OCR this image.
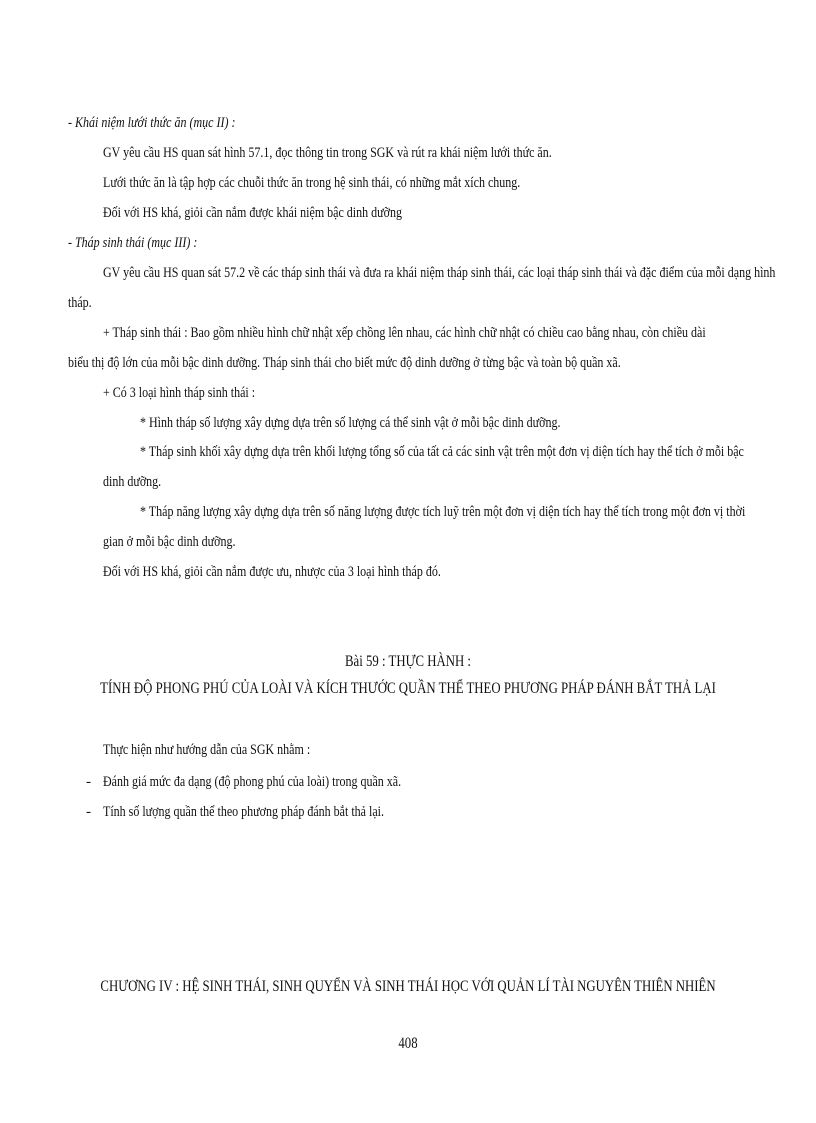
- Khái niệm lưới thức ăn (mục II) :
GV yêu cầu HS quan sát hình 57.1, đọc thông tin trong SGK và rút ra khái niệm lưới thức ăn.
Lưới thức ăn là tập hợp các chuỗi thức ăn trong hệ sinh thái, có những mắt xích chung.
Đối với HS khá, giỏi cần nắm được khái niệm bậc dinh dưỡng
- Tháp sinh thái (mục III) :
GV yêu cầu HS quan sát 57.2 về các tháp sinh thái và đưa ra khái niệm tháp sinh thái, các loại tháp sinh thái và đặc điểm của mỗi dạng hình
tháp.
+ Tháp sinh thái : Bao gồm nhiều hình chữ nhật xếp chồng lên nhau, các hình chữ nhật có chiều cao bằng nhau, còn chiều dài
biểu thị độ lớn của mỗi bậc dinh dưỡng. Tháp sinh thái cho biết mức độ dinh dưỡng ở từng bậc và toàn bộ quần xã.
+ Có 3 loại hình tháp sinh thái :
* Hình tháp số lượng xây dựng dựa trên số lượng cá thể sinh vật ở mỗi bậc dinh dưỡng.
* Tháp sinh khối xây dựng dựa trên khối lượng tổng số của tất cả các sinh vật trên một đơn vị diện tích hay thể tích ở mỗi bậc
dinh dưỡng.
* Tháp năng lượng xây dựng dựa trên số năng lượng được tích luỹ trên một đơn vị diện tích hay thể tích trong một đơn vị thời
gian ở mỗi bậc dinh dưỡng.
Đối với HS khá, giỏi cần nắm được ưu, nhược của 3 loại hình tháp đó.
Bài 59 : THỰC HÀNH :
TÍNH ĐỘ PHONG PHÚ CỦA LOÀI VÀ KÍCH THƯỚC QUẦN THỂ THEO PHƯƠNG PHÁP ĐÁNH BẮT THẢ LẠI
Thực hiện như hướng dẫn của SGK nhằm :
- Đánh giá mức đa dạng (độ phong phú của loài) trong quần xã.
- Tính số lượng quần thể theo phương pháp đánh bắt thả lại.
CHƯƠNG IV : HỆ SINH THÁI, SINH QUYỂN VÀ SINH THÁI HỌC VỚI QUẢN LÍ TÀI NGUYÊN THIÊN NHIÊN
408
